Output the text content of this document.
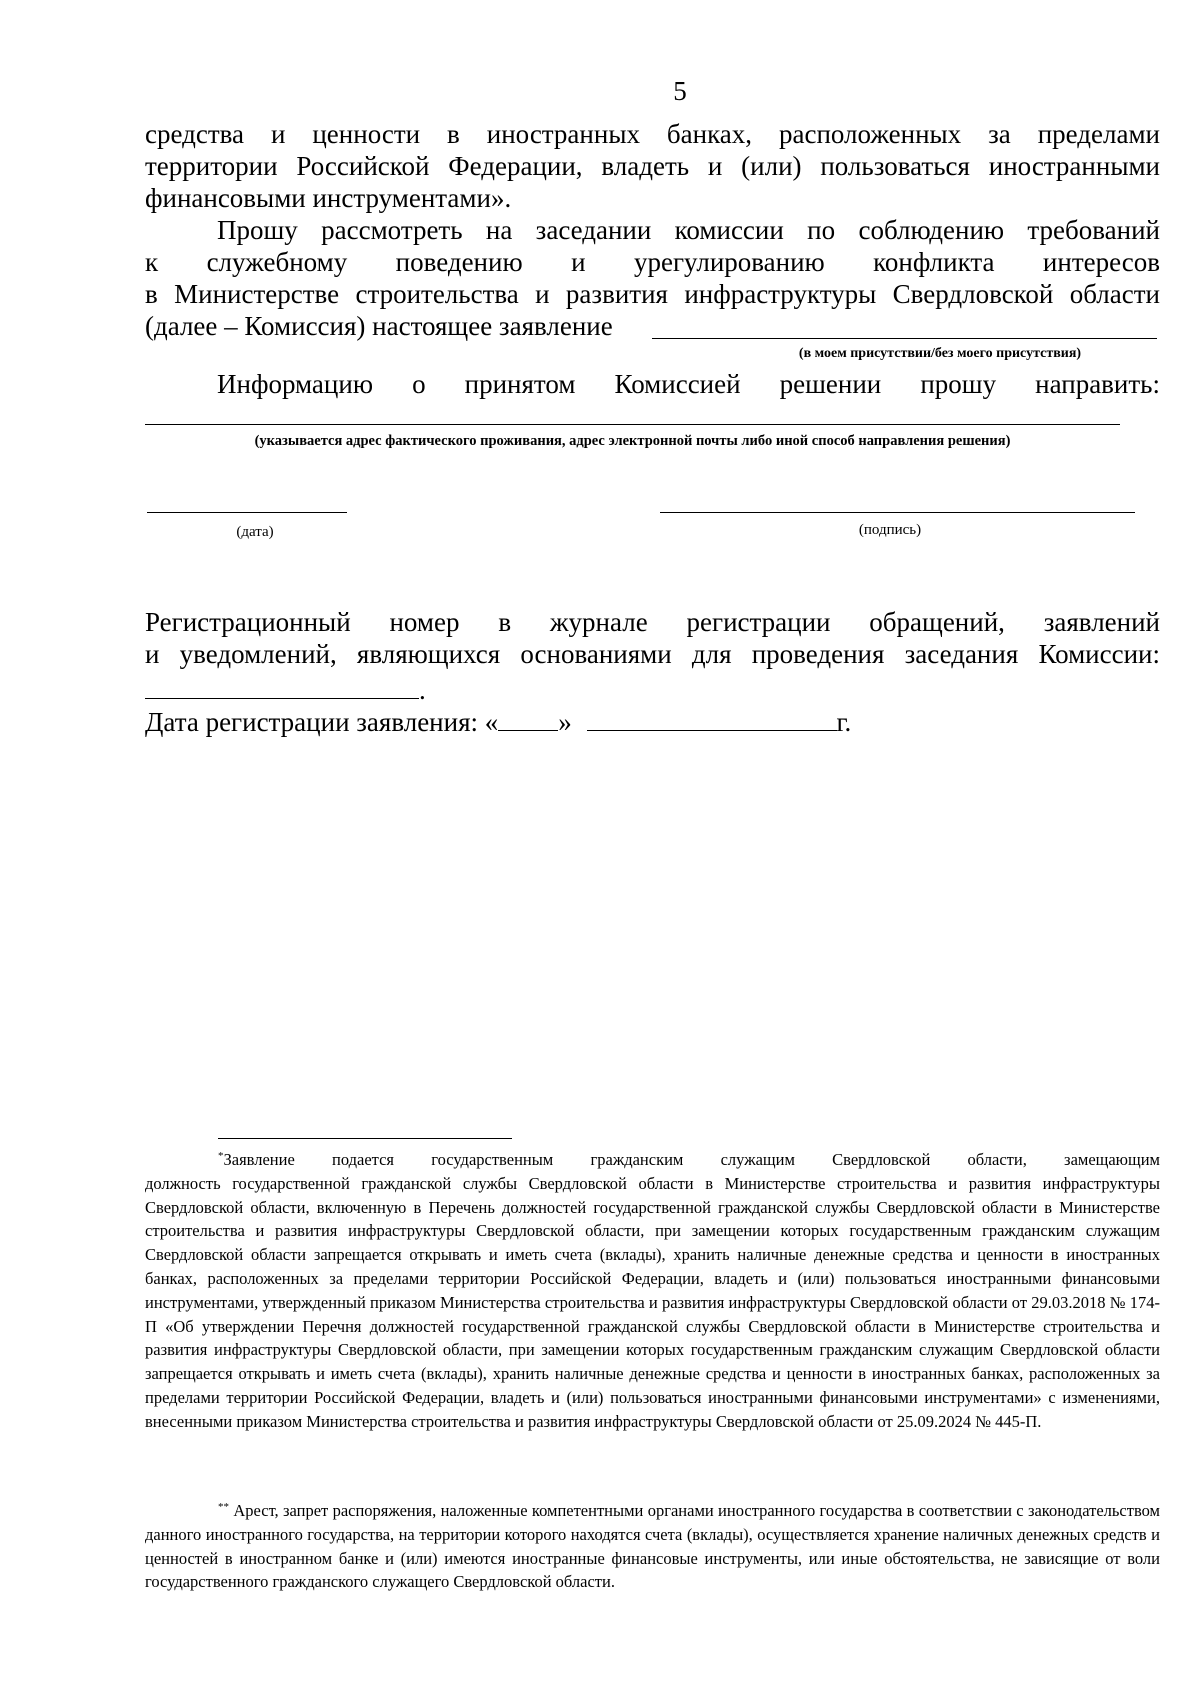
5
средства и ценности в иностранных банках, расположенных за пределами
территории Российской Федерации, владеть и (или) пользоваться иностранными
финансовыми инструментами».
Прошу рассмотреть на заседании комиссии по соблюдению требований
к служебному поведению и урегулированию конфликта интересов
в Министерстве строительства и развития инфраструктуры Свердловской области
(далее – Комиссия) настоящее заявление
(в моем присутствии/без моего присутствия)
Информацию о принятом Комиссией решении прошу направить:
(указывается адрес фактического проживания, адрес электронной почты либо иной способ направления решения)
(дата)	(подпись)
Регистрационный номер в журнале регистрации обращений, заявлений
и уведомлений, являющихся основаниями для проведения заседания Комиссии:
.
Дата регистрации заявления: « »	г.
*Заявление подается государственным гражданским служащим Свердловской области, замещающим
должность государственной гражданской службы Свердловской области в Министерстве строительства и развития инфраструктуры Свердловской области, включенную в Перечень должностей государственной гражданской службы Свердловской области в Министерстве строительства и развития инфраструктуры Свердловской области, при замещении которых государственным гражданским служащим Свердловской области запрещается открывать и иметь счета (вклады), хранить наличные денежные средства и ценности в иностранных банках, расположенных за пределами территории Российской Федерации, владеть и (или) пользоваться иностранными финансовыми инструментами, утвержденный приказом Министерства строительства и развития инфраструктуры Свердловской области от 29.03.2018 № 174-П «Об утверждении Перечня должностей государственной гражданской службы Свердловской области в Министерстве строительства и развития инфраструктуры Свердловской области, при замещении которых государственным гражданским служащим Свердловской области запрещается открывать и иметь счета (вклады), хранить наличные денежные средства и ценности в иностранных банках, расположенных за пределами территории Российской Федерации, владеть и (или) пользоваться иностранными финансовыми инструментами» с изменениями, внесенными приказом Министерства строительства и развития инфраструктуры Свердловской области от 25.09.2024 № 445-П.
** Арест, запрет распоряжения, наложенные компетентными органами иностранного государства в соответствии с законодательством данного иностранного государства, на территории которого находятся счета (вклады), осуществляется хранение наличных денежных средств и ценностей в иностранном банке и (или) имеются иностранные финансовые инструменты, или иные обстоятельства, не зависящие от воли государственного гражданского служащего Свердловской области.
